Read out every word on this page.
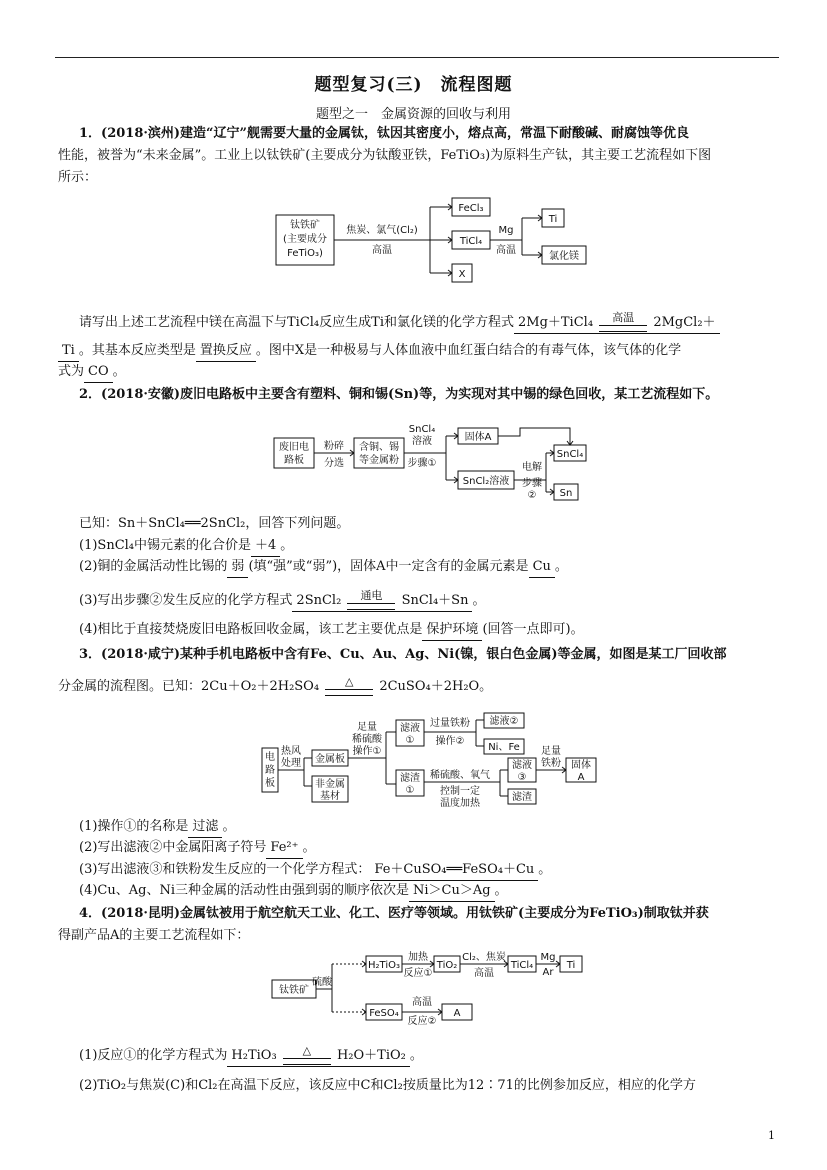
题型复习(三)　流程图题
题型之一　金属资源的回收与利用
1．(2018·滨州)建造“辽宁”舰需要大量的金属钛，钛因其密度小，熔点高，常温下耐酸碱、耐腐蚀等优良
性能，被誉为“未来金属”。工业上以钛铁矿(主要成分为钛酸亚铁，FeTiO₃)为原料生产钛，其主要工艺流程如下图
所示：
钛铁矿
(主要成分
FeTiO₃)
焦炭、氯气(Cl₂)
高温
FeCl₃
TiCl₄
X
Mg
高温
Ti
氯化镁
请写出上述工艺流程中镁在高温下与TiCl₄反应生成Ti和氯化镁的化学方程式 2Mg＋TiCl₄	高温	2MgCl₂＋
Ti 。其基本反应类型是 置换反应 。图中X是一种极易与人体血液中血红蛋白结合的有毒气体，该气体的化学
式为 CO 。
2．(2018·安徽)废旧电路板中主要含有塑料、铜和锡(Sn)等，为实现对其中锡的绿色回收，某工艺流程如下。
废旧电
路板
粉碎
分选
含铜、锡
等金属粉
SnCl₄
溶液
步骤①
固体A
SnCl₂溶液
电解
步骤
②
SnCl₄
Sn
已知：Sn＋SnCl₄══2SnCl₂，回答下列问题。
(1)SnCl₄中锡元素的化合价是 ＋4 。
(2)铜的金属活动性比锡的 弱 (填“强”或“弱”)，固体A中一定含有的金属元素是 Cu 。
(3)写出步骤②发生反应的化学方程式 2SnCl₂	通电	SnCl₄＋Sn 。
(4)相比于直接焚烧废旧电路板回收金属，该工艺主要优点是 保护环境 (回答一点即可)。
3．(2018·咸宁)某种手机电路板中含有Fe、Cu、Au、Ag、Ni(镍，银白色金属)等金属，如图是某工厂回收部
分金属的流程图。已知：2Cu＋O₂＋2H₂SO₄	△	2CuSO₄＋2H₂O。
电
路
板
热风
处理 金属板
非金属
基材
足量
稀硫酸
操作①
滤液
①
过量铁粉
操作②
滤液②
Ni、Fe
滤渣
①
稀硫酸、氧气
控制一定
温度加热
滤液
③
滤渣
足量
铁粉 固体
A
(1)操作①的名称是 过滤 。
(2)写出滤液②中金属阳离子符号 Fe²⁺ 。
(3)写出滤液③和铁粉发生反应的一个化学方程式： Fe＋CuSO₄══FeSO₄＋Cu 。
(4)Cu、Ag、Ni三种金属的活动性由强到弱的顺序依次是 Ni＞Cu＞Ag 。
4．(2018·昆明)金属钛被用于航空航天工业、化工、医疗等领域。用钛铁矿(主要成分为FeTiO₃)制取钛并获
得副产品A的主要工艺流程如下：
钛铁矿
硫酸
H₂TiO₃
加热
反应①
TiO₂
Cl₂、焦炭
高温
TiCl₄
Mg
Ar
Ti
FeSO₄
高温
反应②
A
(1)反应①的化学方程式为 H₂TiO₃	△	H₂O＋TiO₂ 。
(2)TiO₂与焦炭(C)和Cl₂在高温下反应，该反应中C和Cl₂按质量比为12∶71的比例参加反应，相应的化学方
1
